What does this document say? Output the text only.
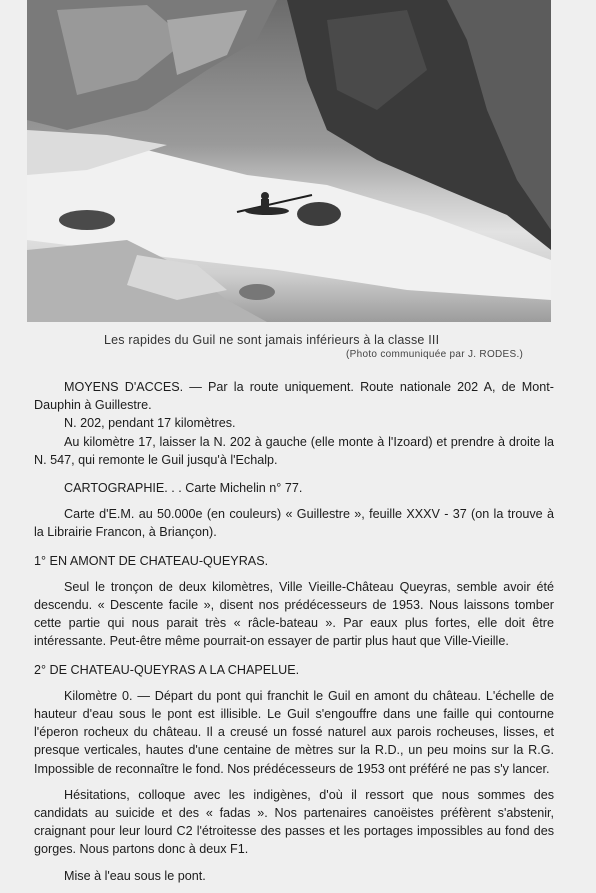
Les rapides du Guil ne sont jamais inférieurs à la classe III
(Photo communiquée par J. RODES.)

MOYENS D'ACCES. — Par la route uniquement. Route nationale 202 A, de Mont-Dauphin à Guillestre.

N. 202, pendant 17 kilomètres.

Au kilomètre 17, laisser la N. 202 à gauche (elle monte à l'Izoard) et prendre à droite la N. 547, qui remonte le Guil jusqu'à l'Echalp.

CARTOGRAPHIE. . . Carte Michelin n° 77.

Carte d'E.M. au 50.000e (en couleurs) « Guillestre », feuille XXXV - 37 (on la trouve à la Librairie Francon, à Briançon).

1° EN AMONT DE CHATEAU-QUEYRAS.

Seul le tronçon de deux kilomètres, Ville Vieille-Château Queyras, semble avoir été descendu. « Descente facile », disent nos prédécesseurs de 1953. Nous laissons tomber cette partie qui nous parait très « râcle-bateau ». Par eaux plus fortes, elle doit être intéressante. Peut-être même pourrait-on essayer de partir plus haut que Ville-Vieille.

2° DE CHATEAU-QUEYRAS A LA CHAPELUE.

Kilomètre 0. — Départ du pont qui franchit le Guil en amont du château. L'échelle de hauteur d'eau sous le pont est illisible. Le Guil s'engouffre dans une faille qui contourne l'éperon rocheux du château. Il a creusé un fossé naturel aux parois rocheuses, lisses, et presque verticales, hautes d'une centaine de mètres sur la R.D., un peu moins sur la R.G. Impossible de reconnaître le fond. Nos prédécesseurs de 1953 ont préféré ne pas s'y lancer.

Hésitations, colloque avec les indigènes, d'où il ressort que nous sommes des candidats au suicide et des « fadas ». Nos partenaires canoëistes préfèrent s'abstenir, craignant pour leur lourd C2 l'étroitesse des passes et les portages impossibles au fond des gorges. Nous partons donc à deux F1.

Mise à l'eau sous le pont.
